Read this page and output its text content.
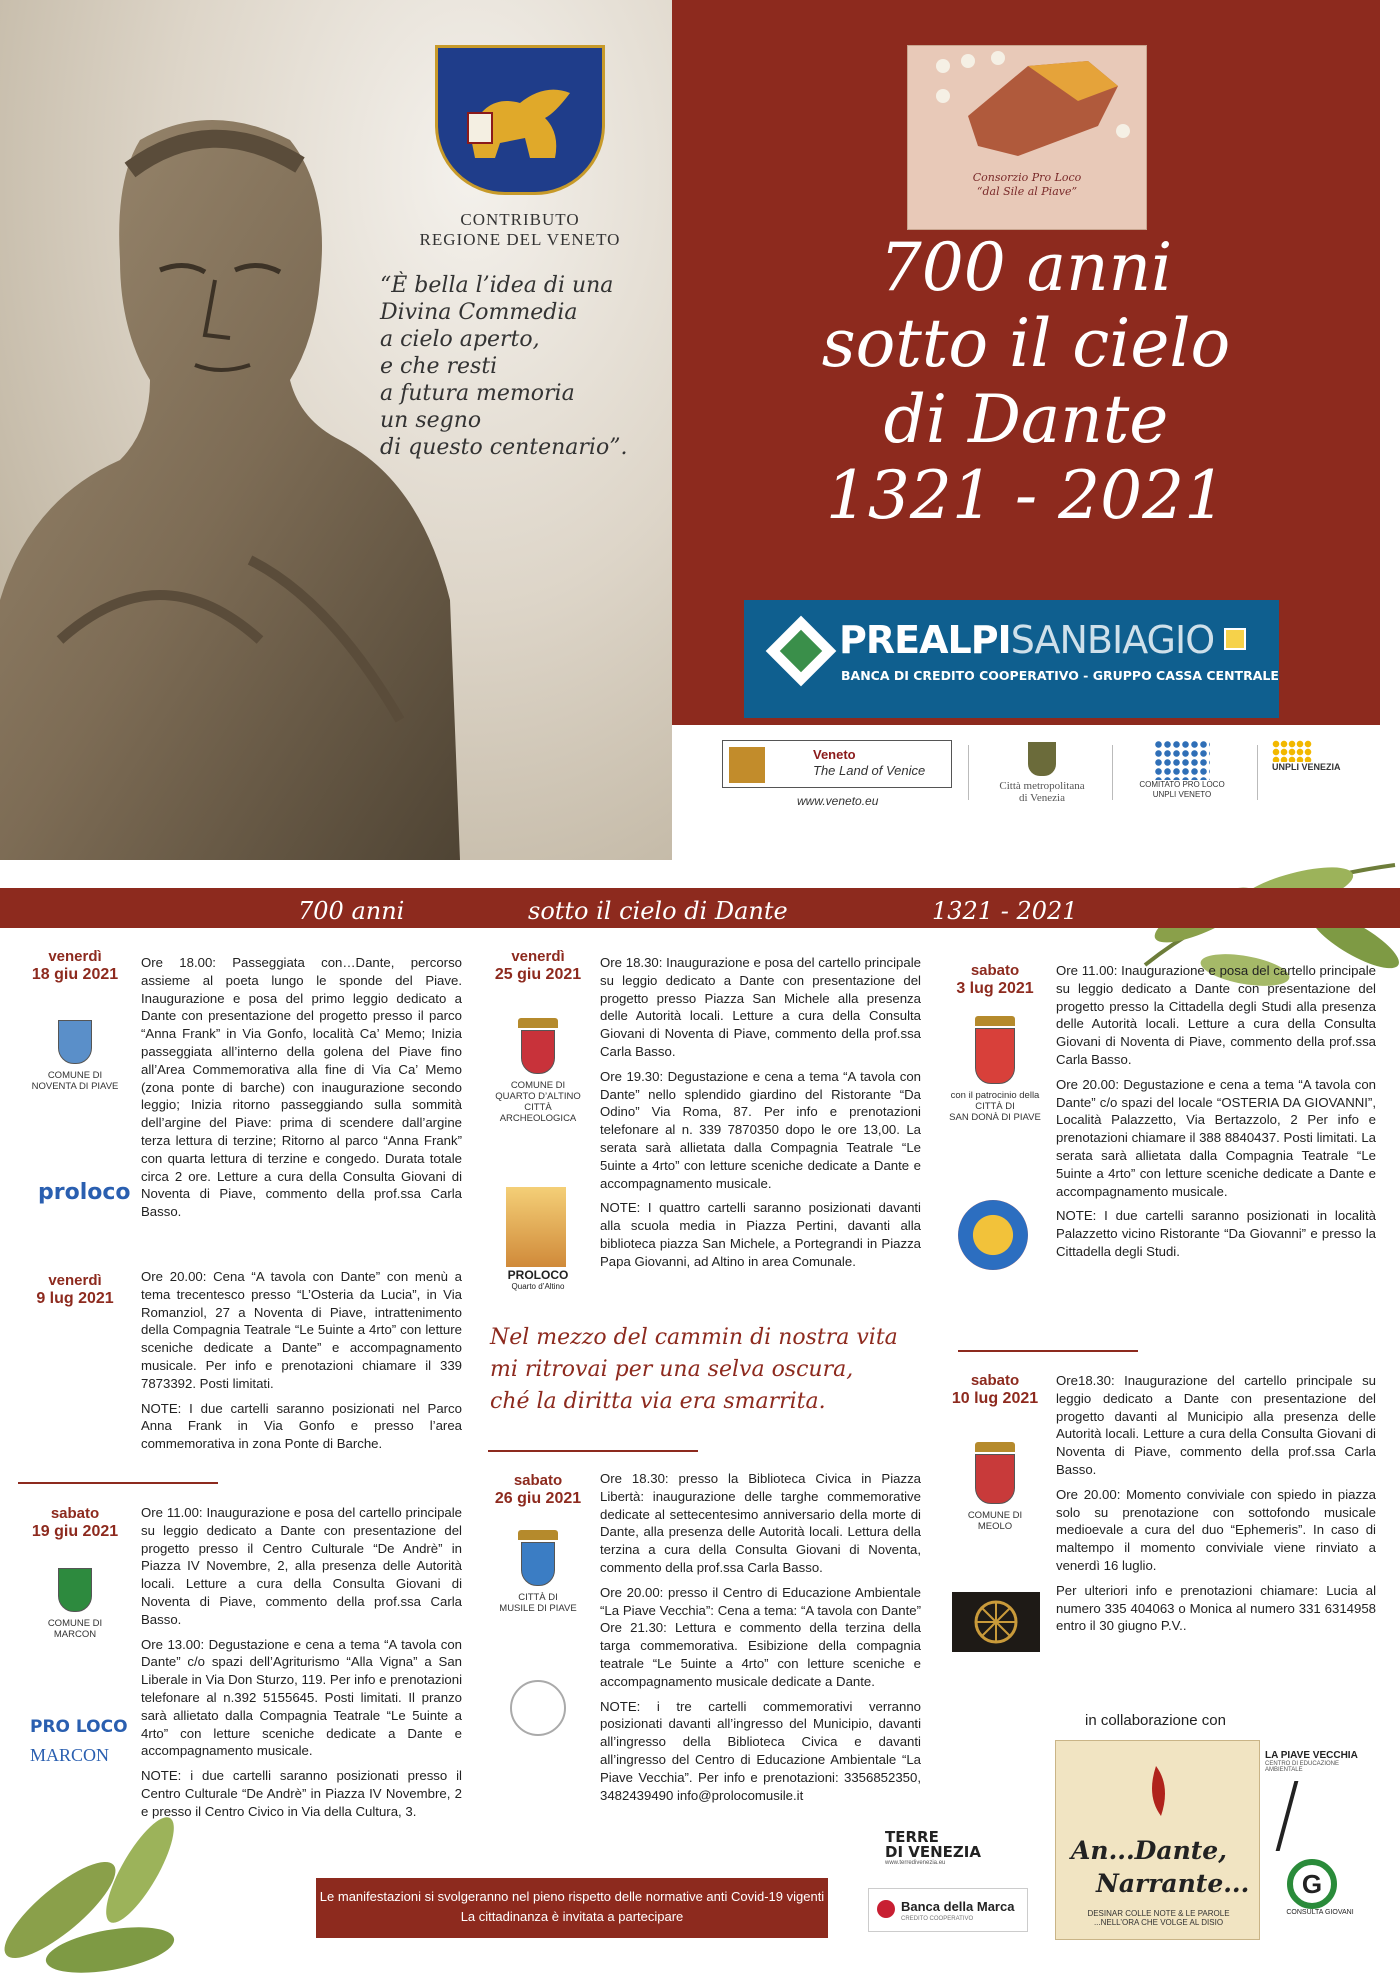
CONTRIBUTO
REGIONE DEL VENETO
“È bella l’idea di una
Divina Commedia
a cielo aperto,
e che resti
a futura memoria
un segno
di questo centenario”.
Consorzio Pro Loco
“dal Sile al Piave”
700 anni
sotto il cielo
di Dante
1321 - 2021
PREALPISANBIAGIO
BANCA DI CREDITO COOPERATIVO - GRUPPO CASSA CENTRALE
Veneto
The Land of Venice
www.veneto.eu
Città metropolitana
di Venezia
COMITATO PRO LOCO
UNPLI VENETO
UNPLI VENEZIA
700 anni	sotto il cielo di Dante	1321 - 2021
venerdì
18 giu 2021
COMUNE DI
NOVENTA DI PIAVE
proloco

Ore 18.00: Passeggiata con…Dante, percorso assieme al poeta lungo le sponde del Piave. Inaugurazione e posa del primo leggio dedicato a Dante con presentazione del progetto presso il parco “Anna Frank” in Via Gonfo, località Ca’ Memo; Inizia passeggiata all’interno della golena del Piave fino all’Area Commemorativa alla fine di Via Ca’ Memo (zona ponte di barche) con inaugurazione secondo leggio; Inizia ritorno passeggiando sulla sommità dell’argine del Piave: prima di scendere dall’argine terza lettura di terzine; Ritorno al parco “Anna Frank” con quarta lettura di terzine e congedo. Durata totale circa 2 ore. Letture a cura della Consulta Giovani di Noventa di Piave, commento della prof.ssa Carla Basso.

venerdì
9 lug 2021

Ore 20.00: Cena “A tavola con Dante” con menù a tema trecentesco presso “L’Osteria da Lucia”, in Via Romanziol, 27 a Noventa di Piave, intrattenimento della Compagnia Teatrale “Le 5uinte a 4rto” con letture sceniche dedicate a Dante” e accompagnamento musicale. Per info e prenotazioni chiamare il 339 7873392. Posti limitati.

NOTE: I due cartelli saranno posizionati nel Parco Anna Frank in Via Gonfo e presso l’area commemorativa in zona Ponte di Barche.

sabato
19 giu 2021
COMUNE DI
MARCON
PRO LOCO
MARCON

Ore 11.00: Inaugurazione e posa del cartello principale su leggio dedicato a Dante con presentazione del progetto presso il Centro Culturale “De Andrè” in Piazza IV Novembre, 2, alla presenza delle Autorità locali. Letture a cura della Consulta Giovani di Noventa di Piave, commento della prof.ssa Carla Basso.

Ore 13.00: Degustazione e cena a tema “A tavola con Dante” c/o spazi dell’Agriturismo “Alla Vigna” a San Liberale in Via Don Sturzo, 119. Per info e prenotazioni telefonare al n.392 5155645. Posti limitati. Il pranzo sarà allietato dalla Compagnia Teatrale “Le 5uinte a 4rto” con letture sceniche dedicate a Dante e accompagnamento musicale.

NOTE: i due cartelli saranno posizionati presso il Centro Culturale “De Andrè” in Piazza IV Novembre, 2 e presso il Centro Civico in Via della Cultura, 3.

venerdì
25 giu 2021
COMUNE DI
QUARTO D’ALTINO
CITTÀ ARCHEOLOGICA
PROLOCO
Quarto d’Altino

Ore 18.30: Inaugurazione e posa del cartello principale su leggio dedicato a Dante con presentazione del progetto presso Piazza San Michele alla presenza delle Autorità locali. Letture a cura della Consulta Giovani di Noventa di Piave, commento della prof.ssa Carla Basso.

Ore 19.30: Degustazione e cena a tema “A tavola con Dante” nello splendido giardino del Ristorante “Da Odino” Via Roma, 87. Per info e prenotazioni telefonare al n. 339 7870350 dopo le ore 13,00. La serata sarà allietata dalla Compagnia Teatrale “Le 5uinte a 4rto” con letture sceniche dedicate a Dante e accompagnamento musicale.

NOTE: I quattro cartelli saranno posizionati davanti alla scuola media in Piazza Pertini, davanti alla biblioteca piazza San Michele, a Portegrandi in Piazza Papa Giovanni, ad Altino in area Comunale.

Nel mezzo del cammin di nostra vita
mi ritrovai per una selva oscura,
ché la diritta via era smarrita.
sabato
26 giu 2021
CITTÀ DI
MUSILE DI PIAVE

Ore 18.30: presso la Biblioteca Civica in Piazza Libertà: inaugurazione delle targhe commemorative dedicate al settecentesimo anniversario della morte di Dante, alla presenza delle Autorità locali. Lettura della terzina a cura della Consulta Giovani di Noventa, commento della prof.ssa Carla Basso.

Ore 20.00: presso il Centro di Educazione Ambientale “La Piave Vecchia”: Cena a tema: “A tavola con Dante” Ore 21.30: Lettura e commento della terzina della targa commemorativa. Esibizione della compagnia teatrale “Le 5uinte a 4rto” con letture sceniche e accompagnamento musicale dedicate a Dante.

NOTE: i tre cartelli commemorativi verranno posizionati davanti all’ingresso del Municipio, davanti all’ingresso della Biblioteca Civica e davanti all’ingresso del Centro di Educazione Ambientale “La Piave Vecchia”. Per info e prenotazioni: 3356852350, 3482439490 info@prolocomusile.it

sabato
3 lug 2021
con il patrocinio della
CITTÀ DI
SAN DONÀ DI PIAVE

Ore 11.00: Inaugurazione e posa del cartello principale su leggio dedicato a Dante con presentazione del progetto presso la Cittadella degli Studi alla presenza delle Autorità locali. Letture a cura della Consulta Giovani di Noventa di Piave, commento della prof.ssa Carla Basso.

Ore 20.00: Degustazione e cena a tema “A tavola con Dante” c/o spazi del locale “OSTERIA DA GIOVANNI”, Località Palazzetto, Via Bertazzolo, 2 Per info e prenotazioni chiamare il 388 8840437. Posti limitati. La serata sarà allietata dalla Compagnia Teatrale “Le 5uinte a 4rto” con letture sceniche dedicate a Dante e accompagnamento musicale.

NOTE: I due cartelli saranno posizionati in località Palazzetto vicino Ristorante “Da Giovanni” e presso la Cittadella degli Studi.

sabato
10 lug 2021
COMUNE DI
MEOLO

Ore18.30: Inaugurazione del cartello principale su leggio dedicato a Dante con presentazione del progetto davanti al Municipio alla presenza delle Autorità locali. Letture a cura della Consulta Giovani di Noventa di Piave, commento della prof.ssa Carla Basso.

Ore 20.00: Momento conviviale con spiedo in piazza solo su prenotazione con sottofondo musicale medioevale a cura del duo “Ephemeris”. In caso di maltempo il momento conviviale viene rinviato a venerdì 16 luglio.

Per ulteriori info e prenotazioni chiamare: Lucia al numero 335 404063 o Monica al numero 331 6314958 entro il 30 giugno P.V..

in collaborazione con
An...Dante,
Narrante...
DESINAR COLLE NOTE & LE PAROLE ...NELL’ORA CHE VOLGE AL DISIO
LA PIAVE VECCHIA
CENTRO DI EDUCAZIONE AMBIENTALE
G
CONSULTA GIOVANI
TERRE
DI VENEZIA
www.terredivenezia.eu
Banca della Marca
CREDITO COOPERATIVO
Le manifestazioni si svolgeranno nel pieno rispetto delle normative anti Covid-19 vigenti
La cittadinanza è invitata a partecipare
